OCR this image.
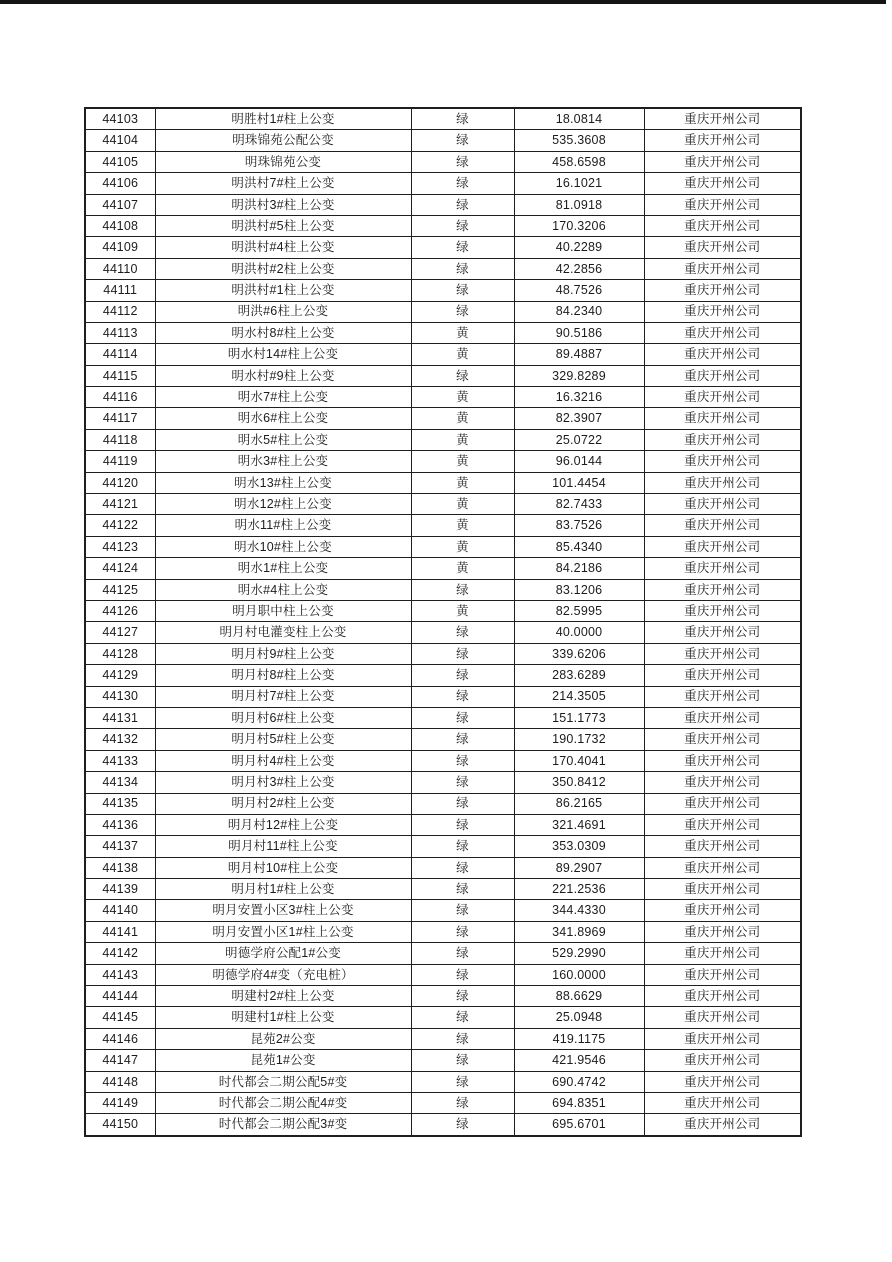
44103	明胜村1#柱上公变	绿	18.0814	重庆开州公司
44104	明珠锦苑公配公变	绿	535.3608	重庆开州公司
44105	明珠锦苑公变	绿	458.6598	重庆开州公司
44106	明洪村7#柱上公变	绿	16.1021	重庆开州公司
44107	明洪村3#柱上公变	绿	81.0918	重庆开州公司
44108	明洪村#5柱上公变	绿	170.3206	重庆开州公司
44109	明洪村#4柱上公变	绿	40.2289	重庆开州公司
44110	明洪村#2柱上公变	绿	42.2856	重庆开州公司
44111	明洪村#1柱上公变	绿	48.7526	重庆开州公司
44112	明洪#6柱上公变	绿	84.2340	重庆开州公司
44113	明水村8#柱上公变	黄	90.5186	重庆开州公司
44114	明水村14#柱上公变	黄	89.4887	重庆开州公司
44115	明水村#9柱上公变	绿	329.8289	重庆开州公司
44116	明水7#柱上公变	黄	16.3216	重庆开州公司
44117	明水6#柱上公变	黄	82.3907	重庆开州公司
44118	明水5#柱上公变	黄	25.0722	重庆开州公司
44119	明水3#柱上公变	黄	96.0144	重庆开州公司
44120	明水13#柱上公变	黄	101.4454	重庆开州公司
44121	明水12#柱上公变	黄	82.7433	重庆开州公司
44122	明水11#柱上公变	黄	83.7526	重庆开州公司
44123	明水10#柱上公变	黄	85.4340	重庆开州公司
44124	明水1#柱上公变	黄	84.2186	重庆开州公司
44125	明水#4柱上公变	绿	83.1206	重庆开州公司
44126	明月职中柱上公变	黄	82.5995	重庆开州公司
44127	明月村电灌变柱上公变	绿	40.0000	重庆开州公司
44128	明月村9#柱上公变	绿	339.6206	重庆开州公司
44129	明月村8#柱上公变	绿	283.6289	重庆开州公司
44130	明月村7#柱上公变	绿	214.3505	重庆开州公司
44131	明月村6#柱上公变	绿	151.1773	重庆开州公司
44132	明月村5#柱上公变	绿	190.1732	重庆开州公司
44133	明月村4#柱上公变	绿	170.4041	重庆开州公司
44134	明月村3#柱上公变	绿	350.8412	重庆开州公司
44135	明月村2#柱上公变	绿	86.2165	重庆开州公司
44136	明月村12#柱上公变	绿	321.4691	重庆开州公司
44137	明月村11#柱上公变	绿	353.0309	重庆开州公司
44138	明月村10#柱上公变	绿	89.2907	重庆开州公司
44139	明月村1#柱上公变	绿	221.2536	重庆开州公司
44140	明月安置小区3#柱上公变	绿	344.4330	重庆开州公司
44141	明月安置小区1#柱上公变	绿	341.8969	重庆开州公司
44142	明德学府公配1#公变	绿	529.2990	重庆开州公司
44143	明德学府4#变（充电桩）	绿	160.0000	重庆开州公司
44144	明建村2#柱上公变	绿	88.6629	重庆开州公司
44145	明建村1#柱上公变	绿	25.0948	重庆开州公司
44146	昆苑2#公变	绿	419.1175	重庆开州公司
44147	昆苑1#公变	绿	421.9546	重庆开州公司
44148	时代都会二期公配5#变	绿	690.4742	重庆开州公司
44149	时代都会二期公配4#变	绿	694.8351	重庆开州公司
44150	时代都会二期公配3#变	绿	695.6701	重庆开州公司
